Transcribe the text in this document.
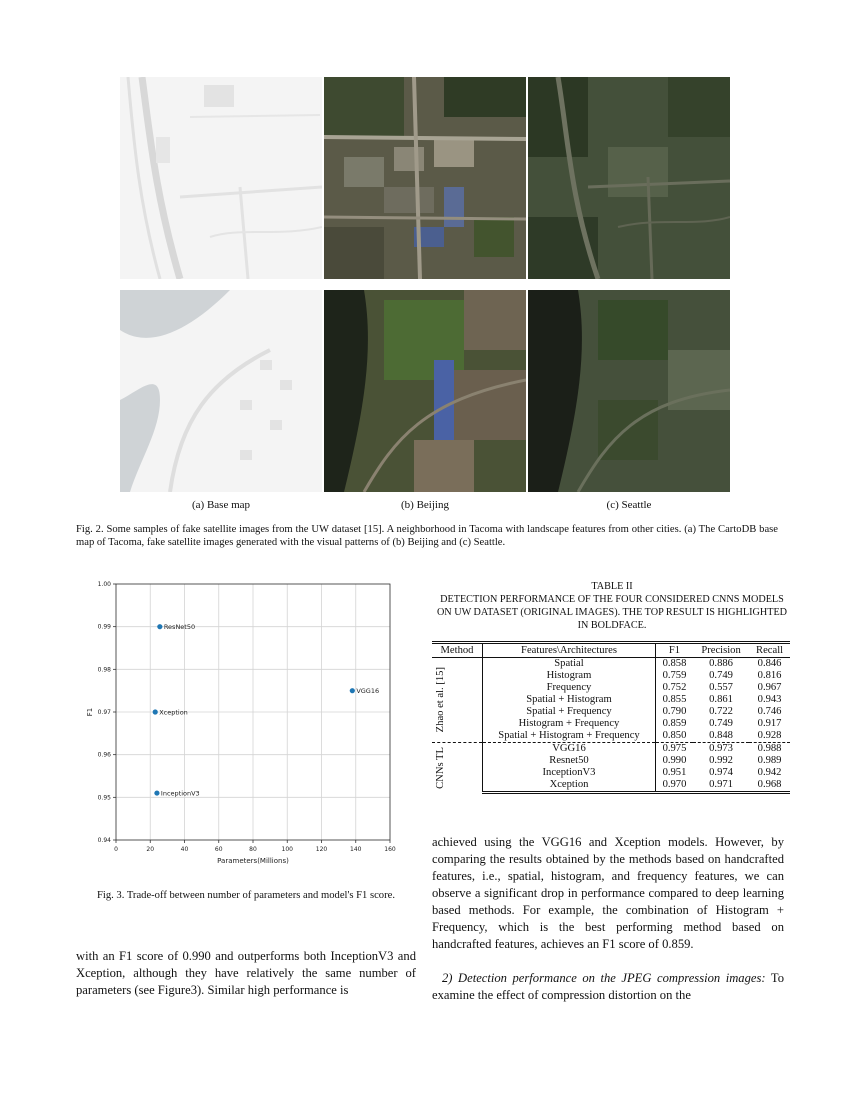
(a) Base map	(b) Beijing	(c) Seattle
Fig. 2. Some samples of fake satellite images from the UW dataset [15]. A neighborhood in Tacoma with landscape features from other cities. (a) The CartoDB base map of Tacoma, fake satellite images generated with the visual patterns of (b) Beijing and (c) Seattle.
0	20	40	60	80	100	120	140	160
0.94
0.95
0.96
0.97
0.98
0.99
1.00
Parameters(Millions)
F1
ResNet50
VGG16
Xception
InceptionV3
Fig. 3. Trade-off between number of parameters and model's F1 score.
TABLE II
DETECTION PERFORMANCE OF THE FOUR CONSIDERED CNNS MODELS
ON UW DATASET (ORIGINAL IMAGES). THE TOP RESULT IS HIGHLIGHTED
IN BOLDFACE.
Method	Features\Architectures	F1	Precision	Recall

Zhao et al. [15]	Spatial	0.858	0.886	0.846
	Histogram	0.759	0.749	0.816
	Frequency	0.752	0.557	0.967
	Spatial + Histogram	0.855	0.861	0.943
	Spatial + Frequency	0.790	0.722	0.746
	Histogram + Frequency	0.859	0.749	0.917
	Spatial + Histogram + Frequency	0.850	0.848	0.928

CNNs TL	VGG16	0.975	0.973	0.988
	Resnet50	0.990	0.992	0.989
	InceptionV3	0.951	0.974	0.942
	Xception	0.970	0.971	0.968
with an F1 score of 0.990 and outperforms both InceptionV3 and Xception, although they have relatively the same number of parameters (see Figure3). Similar high performance is
achieved using the VGG16 and Xception models. However, by comparing the results obtained by the methods based on handcrafted features, i.e., spatial, histogram, and frequency features, we can observe a significant drop in performance compared to deep learning based methods. For example, the combination of Histogram + Frequency, which is the best performing method based on handcrafted features, achieves an F1 score of 0.859.
2) Detection performance on the JPEG compression images: To examine the effect of compression distortion on the
